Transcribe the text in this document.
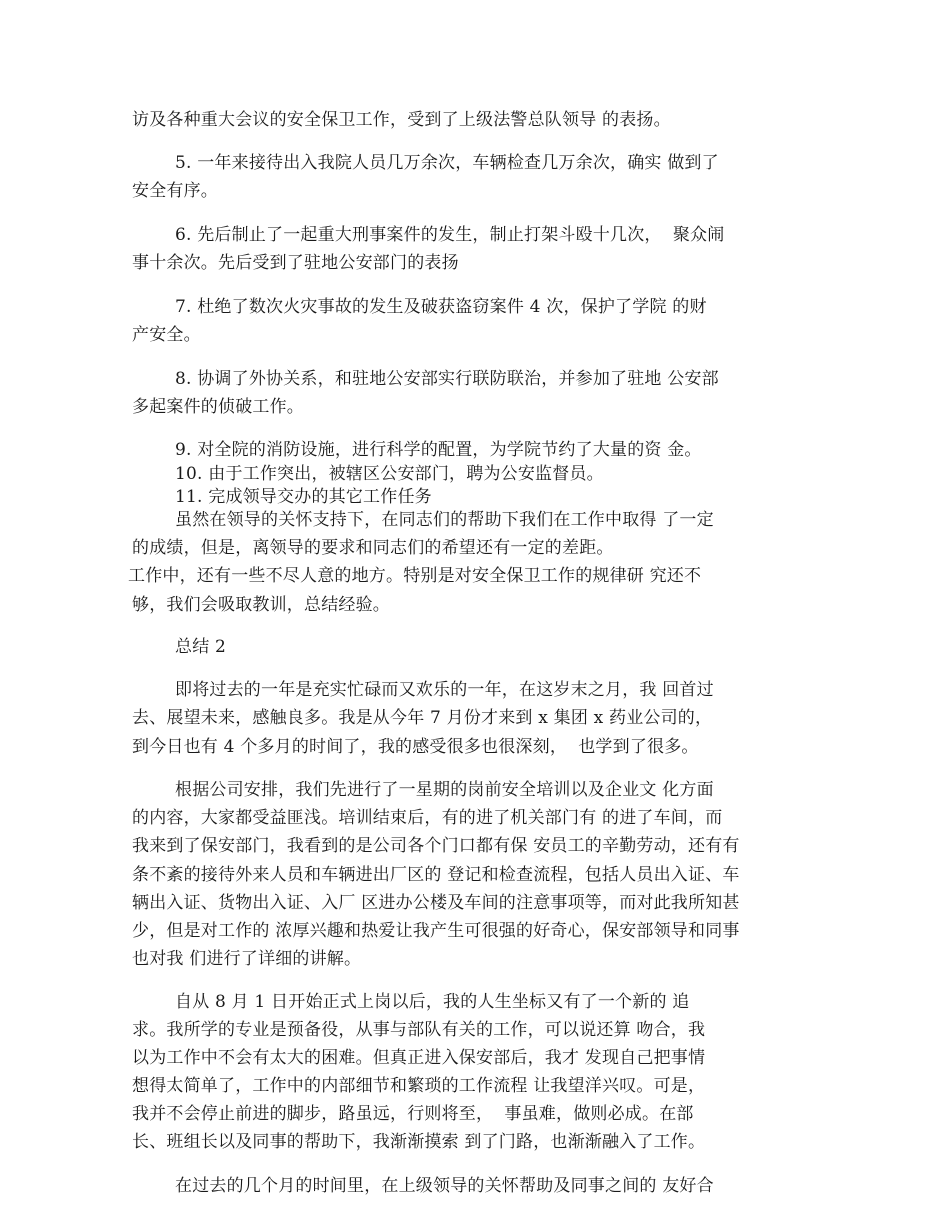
访及各种重大会议的安全保卫工作，受到了上级法警总队领导 的表扬。
5. 一年来接待出入我院人员几万余次，车辆检查几万余次，确实 做到了
安全有序。
6. 先后制止了一起重大刑事案件的发生，制止打架斗殴十几次，  聚众闹
事十余次。先后受到了驻地公安部门的表扬
7. 杜绝了数次火灾事故的发生及破获盗窃案件 4 次，保护了学院 的财
产安全。
8. 协调了外协关系，和驻地公安部实行联防联治，并参加了驻地 公安部
多起案件的侦破工作。
9. 对全院的消防设施，进行科学的配置，为学院节约了大量的资 金。
10. 由于工作突出，被辖区公安部门，聘为公安监督员。
11. 完成领导交办的其它工作任务
虽然在领导的关怀支持下，在同志们的帮助下我们在工作中取得 了一定
的成绩，但是，离领导的要求和同志们的希望还有一定的差距。
工作中，还有一些不尽人意的地方。特别是对安全保卫工作的规律研 究还不
够，我们会吸取教训，总结经验。
总结 2
即将过去的一年是充实忙碌而又欢乐的一年，在这岁末之月，我 回首过
去、展望未来，感触良多。我是从今年 7 月份才来到 x 集团 x 药业公司的，
到今日也有 4 个多月的时间了，我的感受很多也很深刻，  也学到了很多。
根据公司安排，我们先进行了一星期的岗前安全培训以及企业文 化方面
的内容，大家都受益匪浅。培训结束后，有的进了机关部门有 的进了车间，而
我来到了保安部门，我看到的是公司各个门口都有保 安员工的辛勤劳动，还有有
条不紊的接待外来人员和车辆进出厂区的 登记和检查流程，包括人员出入证、车
辆出入证、货物出入证、入厂 区进办公楼及车间的注意事项等，而对此我所知甚
少，但是对工作的 浓厚兴趣和热爱让我产生可很强的好奇心，保安部领导和同事
也对我 们进行了详细的讲解。
自从 8 月 1 日开始正式上岗以后，我的人生坐标又有了一个新的 追
求。我所学的专业是预备役，从事与部队有关的工作，可以说还算 吻合，我
以为工作中不会有太大的困难。但真正进入保安部后，我才 发现自己把事情
想得太简单了，工作中的内部细节和繁琐的工作流程 让我望洋兴叹。可是，
我并不会停止前进的脚步，路虽远，行则将至，  事虽难，做则必成。在部
长、班组长以及同事的帮助下，我渐渐摸索 到了门路，也渐渐融入了工作。
在过去的几个月的时间里，在上级领导的关怀帮助及同事之间的 友好合
